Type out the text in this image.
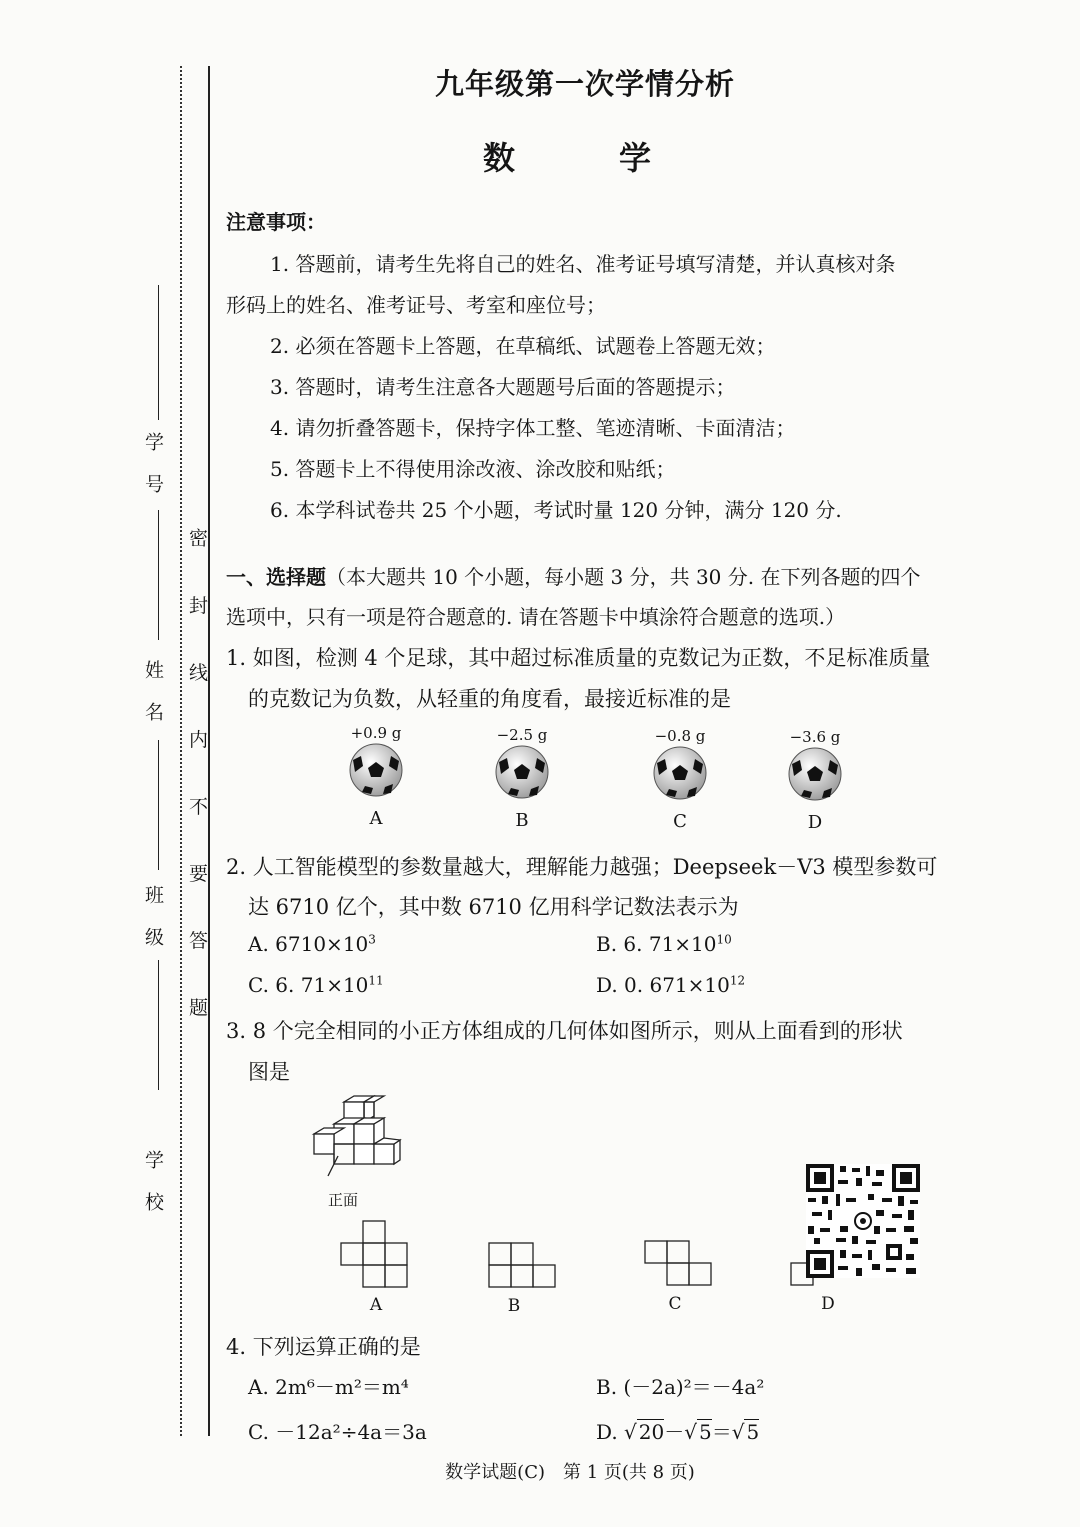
学　号
姓　名
班　级
学　校
密 封 线 内 不 要 答 题
九年级第一次学情分析
数　学
注意事项：
1. 答题前，请考生先将自己的姓名、准考证号填写清楚，并认真核对条
形码上的姓名、准考证号、考室和座位号；
2. 必须在答题卡上答题，在草稿纸、试题卷上答题无效；
3. 答题时，请考生注意各大题题号后面的答题提示；
4. 请勿折叠答题卡，保持字体工整、笔迹清晰、卡面清洁；
5. 答题卡上不得使用涂改液、涂改胶和贴纸；
6. 本学科试卷共 25 个小题，考试时量 120 分钟，满分 120 分.
一、选择题（本大题共 10 个小题，每小题 3 分，共 30 分. 在下列各题的四个
选项中，只有一项是符合题意的. 请在答题卡中填涂符合题意的选项.）
1. 如图，检测 4 个足球，其中超过标准质量的克数记为正数，不足标准质量
的克数记为负数，从轻重的角度看，最接近标准的是
+0.9 g
A
−2.5 g
B
−0.8 g
C
−3.6 g
D
2. 人工智能模型的参数量越大，理解能力越强；Deepseek－V3 模型参数可
达 6710 亿个，其中数 6710 亿用科学记数法表示为
A. $6710\times 10^3$	B. 6. $71\times 10^{10}$
C. 6. $71\times 10^{11}$	D. 0. $671\times 10^{12}$
3. 8 个完全相同的小正方体组成的几何体如图所示，则从上面看到的形状
图是
正面
A	B	C	D
4. 下列运算正确的是
A. 2m⁶－m²＝m⁴	B. (－2a)²＝－4a²
C. －12a²÷4a＝3a	D. √ 20－√ 5＝√ 5
数学试题(C)　第 1 页(共 8 页)
